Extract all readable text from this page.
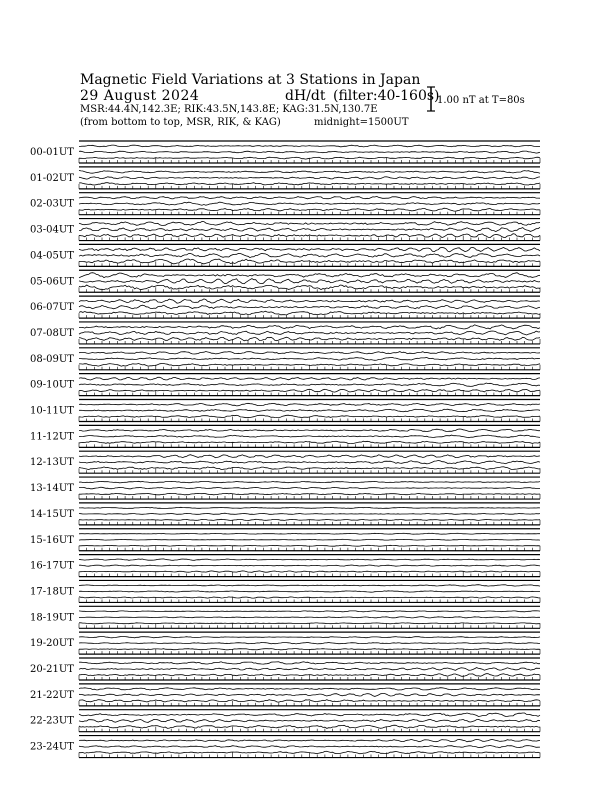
Magnetic Field Variations at 3 Stations in Japan
29 August 2024	dH/dt (filter:40-160s)
MSR:44.4N,142.3E; RIK:43.5N,143.8E; KAG:31.5N,130.7E
(from bottom to top, MSR, RIK, & KAG)	midnight=1500UT
1.00 nT at T=80s
00-01UT
01-02UT
02-03UT
03-04UT
04-05UT
05-06UT
06-07UT
07-08UT
08-09UT
09-10UT
10-11UT
11-12UT
12-13UT
13-14UT
14-15UT
15-16UT
16-17UT
17-18UT
18-19UT
19-20UT
20-21UT
21-22UT
22-23UT
23-24UT
